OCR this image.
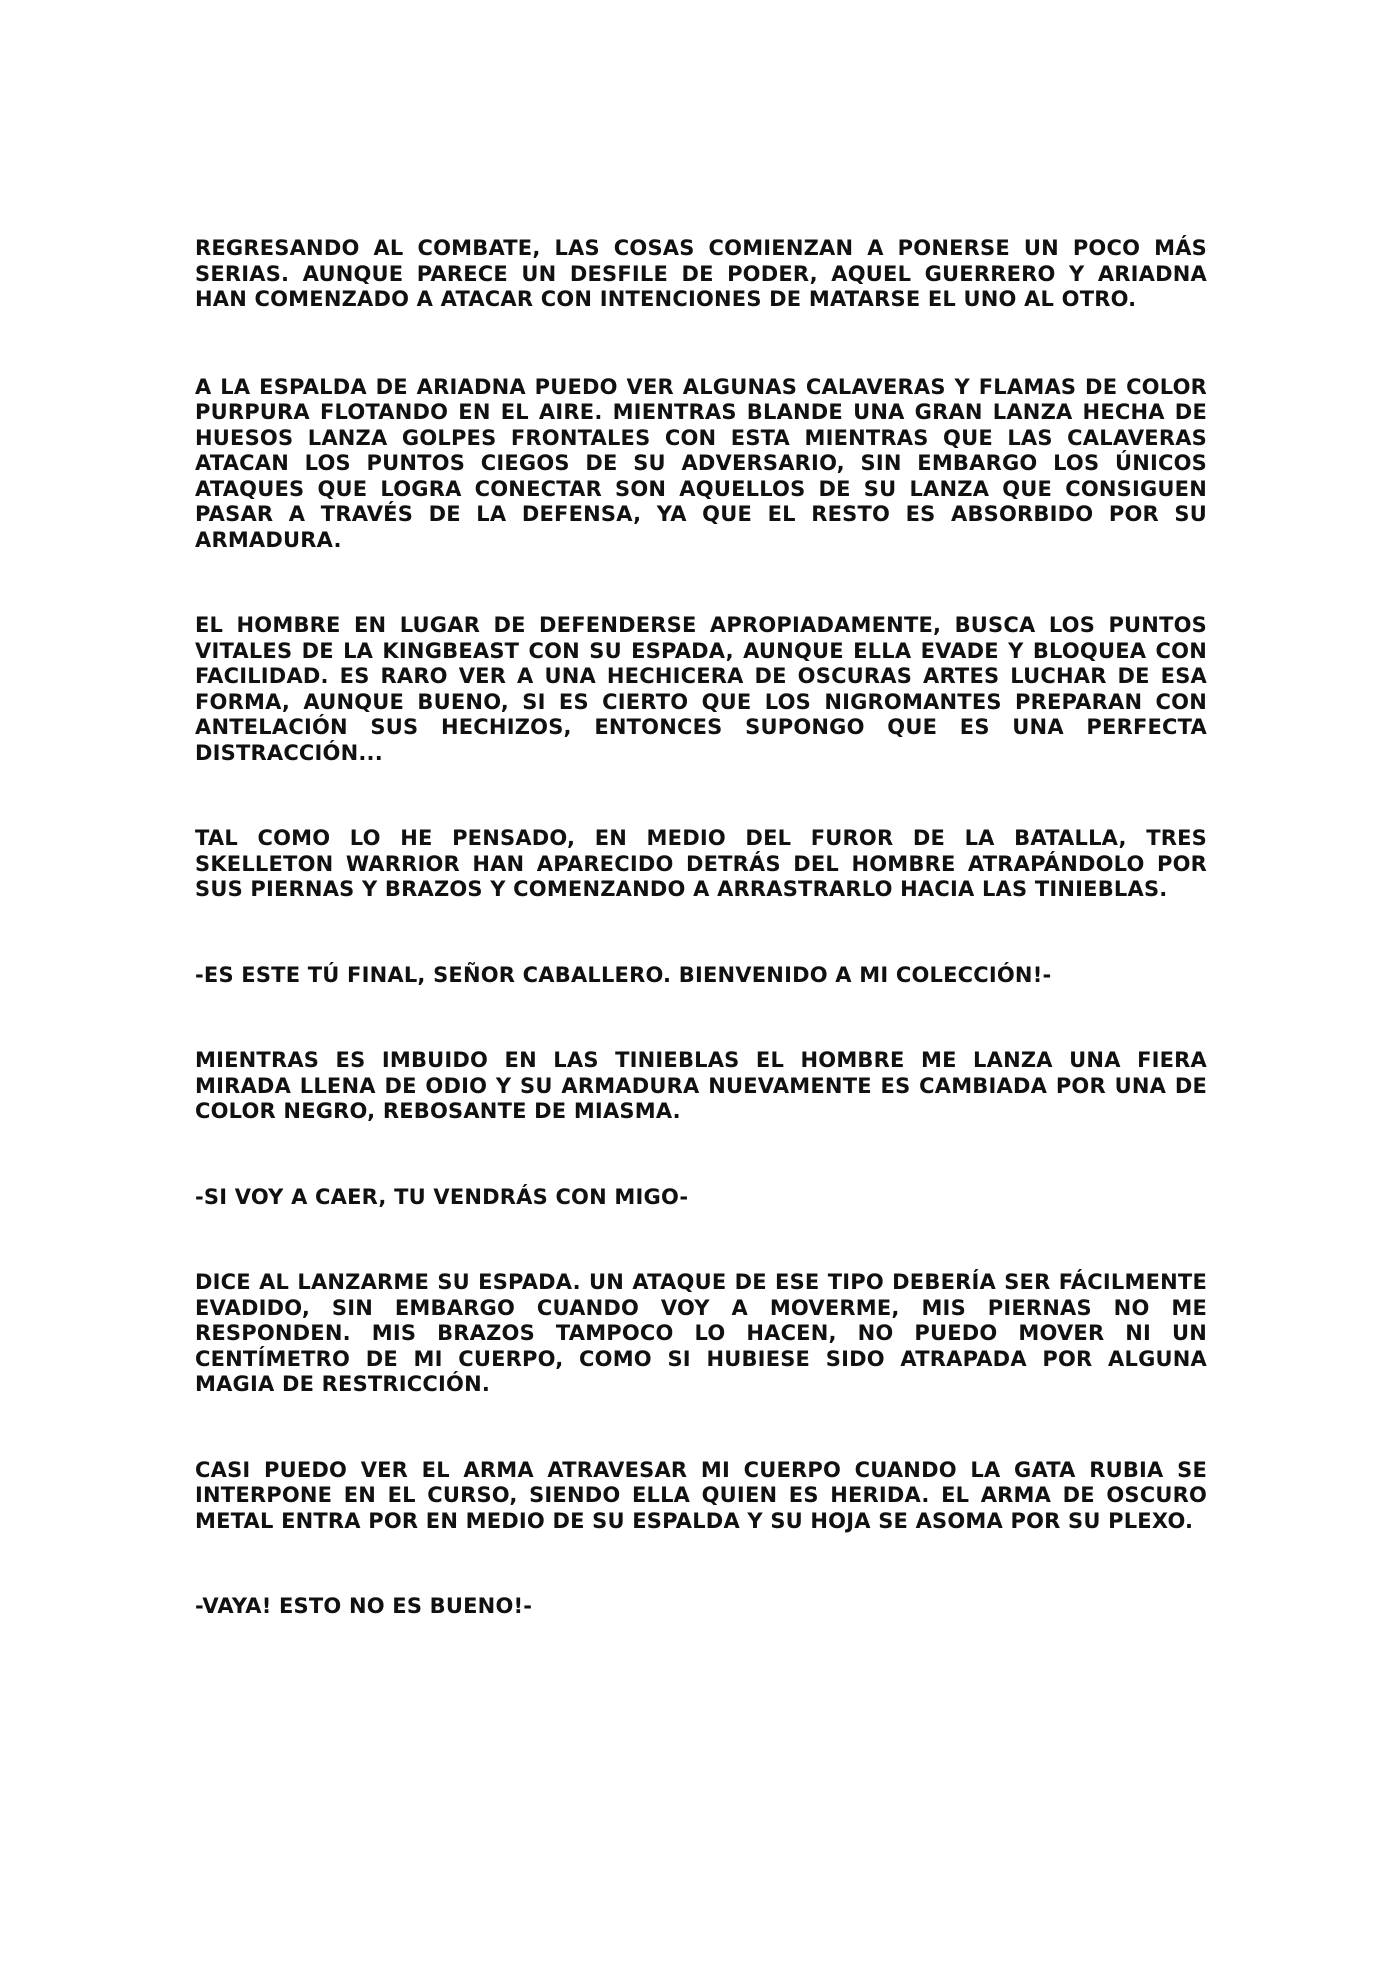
REGRESANDO AL COMBATE, LAS COSAS COMIENZAN A PONERSE UN POCO MÁS SERIAS. AUNQUE PARECE UN DESFILE DE PODER, AQUEL GUERRERO Y ARIADNA HAN COMENZADO A ATACAR CON INTENCIONES DE MATARSE EL UNO AL OTRO.

A LA ESPALDA DE ARIADNA PUEDO VER ALGUNAS CALAVERAS Y FLAMAS DE COLOR PURPURA FLOTANDO EN EL AIRE. MIENTRAS BLANDE UNA GRAN LANZA HECHA DE HUESOS LANZA GOLPES FRONTALES CON ESTA MIENTRAS QUE LAS CALAVERAS ATACAN LOS PUNTOS CIEGOS DE SU ADVERSARIO, SIN EMBARGO LOS ÚNICOS ATAQUES QUE LOGRA CONECTAR SON AQUELLOS DE SU LANZA QUE CONSIGUEN PASAR A TRAVÉS DE LA DEFENSA, YA QUE EL RESTO ES ABSORBIDO POR SU ARMADURA.

EL HOMBRE EN LUGAR DE DEFENDERSE APROPIADAMENTE, BUSCA LOS PUNTOS VITALES DE LA KINGBEAST CON SU ESPADA, AUNQUE ELLA EVADE Y BLOQUEA CON FACILIDAD. ES RARO VER A UNA HECHICERA DE OSCURAS ARTES LUCHAR DE ESA FORMA, AUNQUE BUENO, SI ES CIERTO QUE LOS NIGROMANTES PREPARAN CON ANTELACIÓN SUS HECHIZOS, ENTONCES SUPONGO QUE ES UNA PERFECTA DISTRACCIÓN...

TAL COMO LO HE PENSADO, EN MEDIO DEL FUROR DE LA BATALLA, TRES SKELLETON WARRIOR HAN APARECIDO DETRÁS DEL HOMBRE ATRAPÁNDOLO POR SUS PIERNAS Y BRAZOS Y COMENZANDO A ARRASTRARLO HACIA LAS TINIEBLAS.

-ES ESTE TÚ FINAL, SEÑOR CABALLERO. BIENVENIDO A MI COLECCIÓN!-

MIENTRAS ES IMBUIDO EN LAS TINIEBLAS EL HOMBRE ME LANZA UNA FIERA MIRADA LLENA DE ODIO Y SU ARMADURA NUEVAMENTE ES CAMBIADA POR UNA DE COLOR NEGRO, REBOSANTE DE MIASMA.

-SI VOY A CAER, TU VENDRÁS CON MIGO-

DICE AL LANZARME SU ESPADA. UN ATAQUE DE ESE TIPO DEBERÍA SER FÁCILMENTE EVADIDO, SIN EMBARGO CUANDO VOY A MOVERME, MIS PIERNAS NO ME RESPONDEN. MIS BRAZOS TAMPOCO LO HACEN, NO PUEDO MOVER NI UN CENTÍMETRO DE MI CUERPO, COMO SI HUBIESE SIDO ATRAPADA POR ALGUNA MAGIA DE RESTRICCIÓN.

CASI PUEDO VER EL ARMA ATRAVESAR MI CUERPO CUANDO LA GATA RUBIA SE INTERPONE EN EL CURSO, SIENDO ELLA QUIEN ES HERIDA. EL ARMA DE OSCURO METAL ENTRA POR EN MEDIO DE SU ESPALDA Y SU HOJA SE ASOMA POR SU PLEXO.

-VAYA! ESTO NO ES BUENO!-
